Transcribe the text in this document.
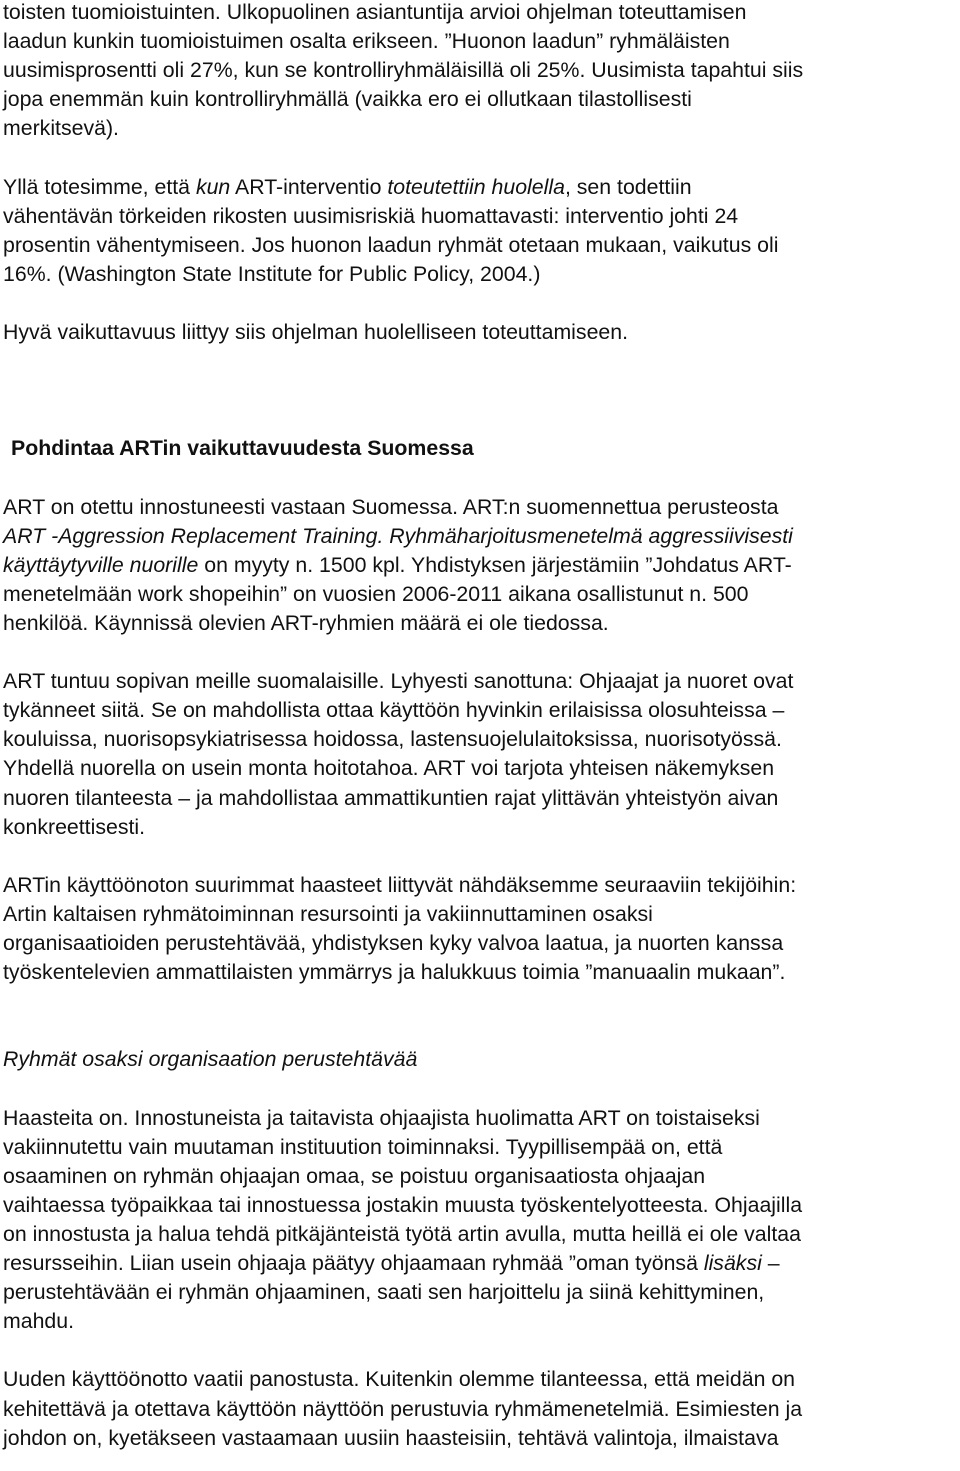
toisten tuomioistuinten. Ulkopuolinen asiantuntija arvioi ohjelman toteuttamisen
laadun kunkin tuomioistuimen osalta erikseen. ”Huonon laadun” ryhmäläisten
uusimisprosentti oli 27%, kun se kontrolliryhmäläisillä oli 25%. Uusimista tapahtui siis
jopa enemmän kuin kontrolliryhmällä (vaikka ero ei ollutkaan tilastollisesti
merkitsevä).
Yllä totesimme, että kun ART-interventio toteutettiin huolella, sen todettiin
vähentävän törkeiden rikosten uusimisriskiä huomattavasti: interventio johti 24
prosentin vähentymiseen. Jos huonon laadun ryhmät otetaan mukaan, vaikutus oli
16%. (Washington State Institute for Public Policy, 2004.)
Hyvä vaikuttavuus liittyy siis ohjelman huolelliseen toteuttamiseen.
Pohdintaa ARTin vaikuttavuudesta Suomessa
ART on otettu innostuneesti vastaan Suomessa. ART:n suomennettua perusteosta
ART -Aggression Replacement Training. Ryhmäharjoitusmenetelmä aggressiivisesti
käyttäytyville nuorille on myyty n. 1500 kpl. Yhdistyksen järjestämiin ”Johdatus ART-
menetelmään work shopeihin” on vuosien 2006-2011 aikana osallistunut n. 500
henkilöä. Käynnissä olevien ART-ryhmien määrä ei ole tiedossa.
ART tuntuu sopivan meille suomalaisille. Lyhyesti sanottuna: Ohjaajat ja nuoret ovat
tykänneet siitä. Se on mahdollista ottaa käyttöön hyvinkin erilaisissa olosuhteissa –
kouluissa, nuorisopsykiatrisessa hoidossa, lastensuojelulaitoksissa, nuorisotyössä.
Yhdellä nuorella on usein monta hoitotahoa. ART voi tarjota yhteisen näkemyksen
nuoren tilanteesta – ja mahdollistaa ammattikuntien rajat ylittävän yhteistyön aivan
konkreettisesti.
ARTin käyttöönoton suurimmat haasteet liittyvät nähdäksemme seuraaviin tekijöihin:
Artin kaltaisen ryhmätoiminnan resursointi ja vakiinnuttaminen osaksi
organisaatioiden perustehtävää, yhdistyksen kyky valvoa laatua, ja nuorten kanssa
työskentelevien ammattilaisten ymmärrys ja halukkuus toimia ”manuaalin mukaan”.
Ryhmät osaksi organisaation perustehtävää
Haasteita on. Innostuneista ja taitavista ohjaajista huolimatta ART on toistaiseksi
vakiinnutettu vain muutaman instituution toiminnaksi. Tyypillisempää on, että
osaaminen on ryhmän ohjaajan omaa, se poistuu organisaatiosta ohjaajan
vaihtaessa työpaikkaa tai innostuessa jostakin muusta työskentelyotteesta. Ohjaajilla
on innostusta ja halua tehdä pitkäjänteistä työtä artin avulla, mutta heillä ei ole valtaa
resursseihin. Liian usein ohjaaja päätyy ohjaamaan ryhmää ”oman työnsä lisäksi –
perustehtävään ei ryhmän ohjaaminen, saati sen harjoittelu ja siinä kehittyminen,
mahdu.
Uuden käyttöönotto vaatii panostusta. Kuitenkin olemme tilanteessa, että meidän on
kehitettävä ja otettava käyttöön näyttöön perustuvia ryhmämenetelmiä. Esimiesten ja
johdon on, kyetäkseen vastaamaan uusiin haasteisiin, tehtävä valintoja, ilmaistava
